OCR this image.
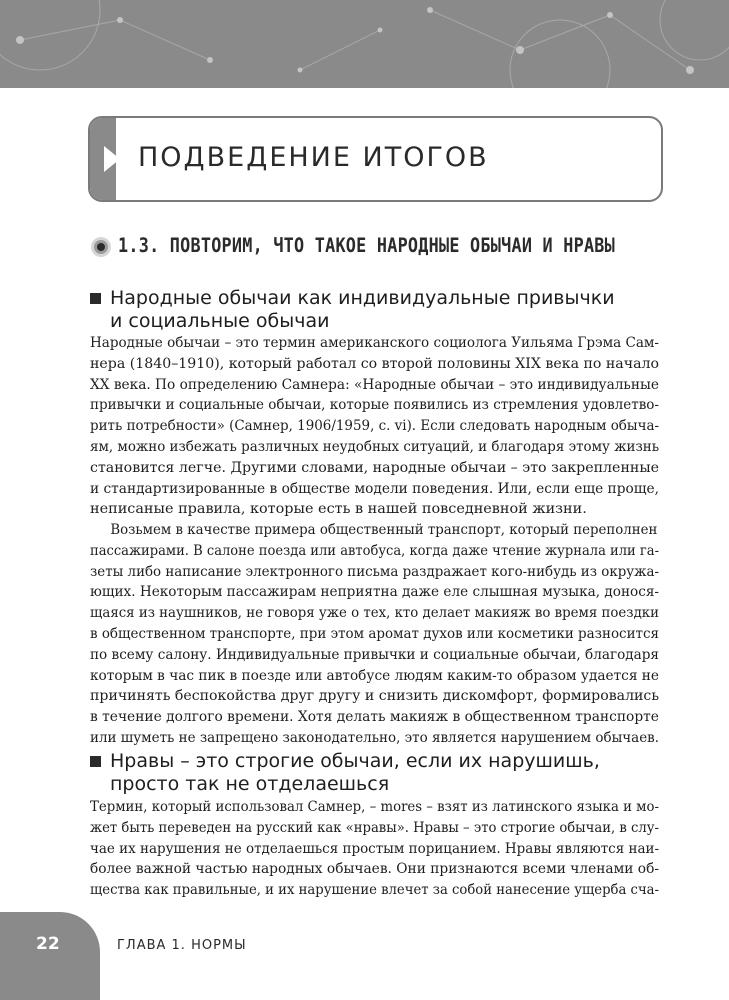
ПОДВЕДЕНИЕ ИТОГОВ
1.3. ПОВТОРИМ, ЧТО ТАКОЕ НАРОДНЫЕ ОБЫЧАИ И НРАВЫ
Народные обычаи как индивидуальные привычки
и социальные обычаи
Народные обычаи – это термин американского социолога Уильяма Грэма Сам-
нера (1840–1910), который работал со второй половины XIX века по начало
XX века. По определению Самнера: «Народные обычаи – это индивидуальные
привычки и социальные обычаи, которые появились из стремления удовлетво-
рить потребности» (Самнер, 1906/1959, с. vi). Если следовать народным обыча-
ям, можно избежать различных неудобных ситуаций, и благодаря этому жизнь
становится легче. Другими словами, народные обычаи – это закрепленные
и стандартизированные в обществе модели поведения. Или, если еще проще,
неписаные правила, которые есть в нашей повседневной жизни.
Возьмем в качестве примера общественный транспорт, который переполнен
пассажирами. В салоне поезда или автобуса, когда даже чтение журнала или га-
зеты либо написание электронного письма раздражает кого-нибудь из окружа-
ющих. Некоторым пассажирам неприятна даже еле слышная музыка, донося-
щаяся из наушников, не говоря уже о тех, кто делает макияж во время поездки
в общественном транспорте, при этом аромат духов или косметики разносится
по всему салону. Индивидуальные привычки и социальные обычаи, благодаря
которым в час пик в поезде или автобусе людям каким-то образом удается не
причинять беспокойства друг другу и снизить дискомфорт, формировались
в течение долгого времени. Хотя делать макияж в общественном транспорте
или шуметь не запрещено законодательно, это является нарушением обычаев.
Нравы – это строгие обычаи, если их нарушишь,
просто так не отделаешься
Термин, который использовал Самнер, – mores – взят из латинского языка и мо-
жет быть переведен на русский как «нравы». Нравы – это строгие обычаи, в слу-
чае их нарушения не отделаешься простым порицанием. Нравы являются наи-
более важной частью народных обычаев. Они признаются всеми членами об-
щества как правильные, и их нарушение влечет за собой нанесение ущерба сча-
22	ГЛАВА 1. НОРМЫ
